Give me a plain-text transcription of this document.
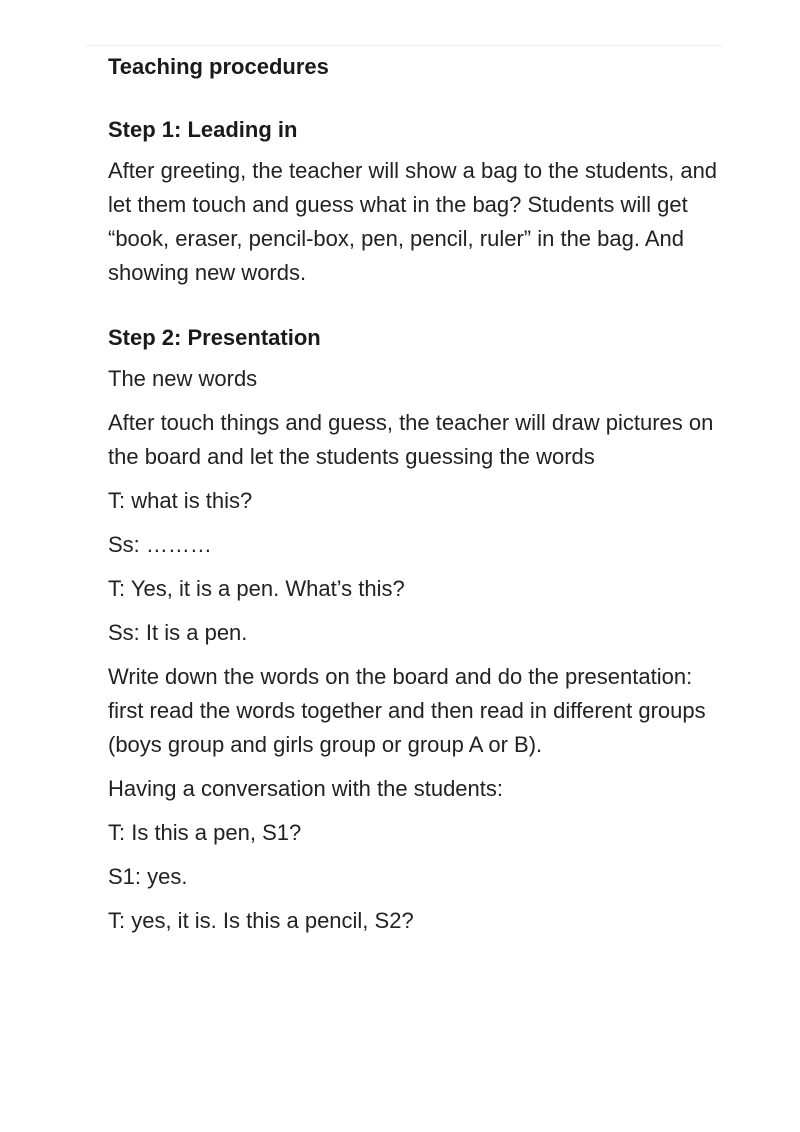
Teaching procedures
Step 1: Leading in

After greeting, the teacher will show a bag to the students, and let them touch and guess what in the bag? Students will get “book, eraser, pencil-box, pen, pencil, ruler” in the bag. And showing new words.

Step 2: Presentation

The new words

After touch things and guess, the teacher will draw pictures on the board and let the students guessing the words

T: what is this?

Ss: ………

T: Yes, it is a pen. What’s this?

Ss: It is a pen.

Write down the words on the board and do the presentation: first read the words together and then read in different groups (boys group and girls group or group A or B).

Having a conversation with the students:

T: Is this a pen, S1?

S1: yes.

T: yes, it is. Is this a pencil, S2?
